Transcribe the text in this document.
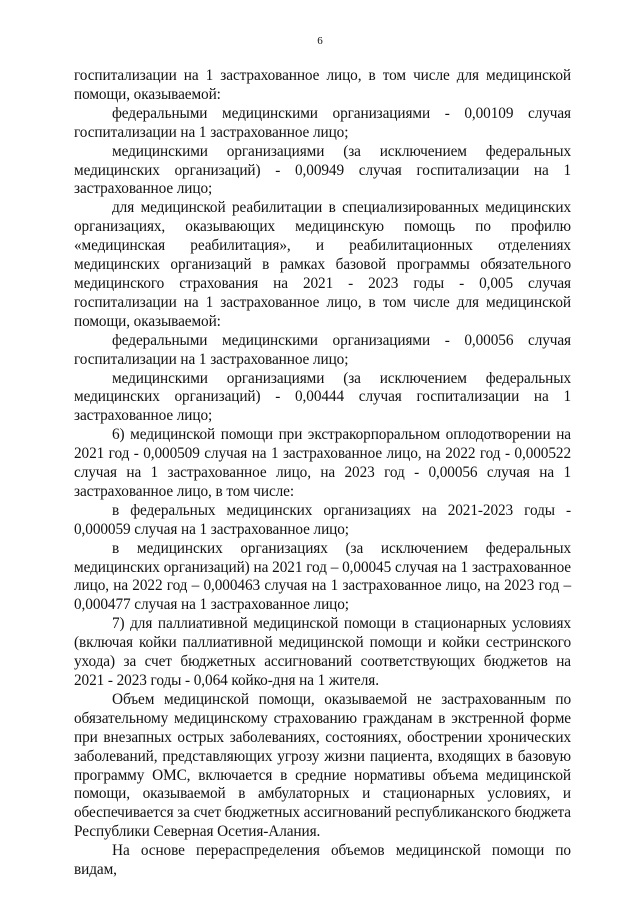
6

госпитализации на 1 застрахованное лицо, в том числе для медицинской помощи, оказываемой:

федеральными медицинскими организациями - 0,00109 случая госпитализации на 1 застрахованное лицо;

медицинскими организациями (за исключением федеральных медицинских организаций) - 0,00949 случая госпитализации на 1 застрахованное лицо;

для медицинской реабилитации в специализированных медицинских организациях, оказывающих медицинскую помощь по профилю «медицинская реабилитация», и реабилитационных отделениях медицинских организаций в рамках базовой программы обязательного медицинского страхования на 2021 - 2023 годы - 0,005 случая госпитализации на 1 застрахованное лицо, в том числе для медицинской помощи, оказываемой:

федеральными медицинскими организациями - 0,00056 случая госпитализации на 1 застрахованное лицо;

медицинскими организациями (за исключением федеральных медицинских организаций) - 0,00444 случая госпитализации на 1 застрахованное лицо;

6) медицинской помощи при экстракорпоральном оплодотворении на 2021 год - 0,000509 случая на 1 застрахованное лицо, на 2022 год - 0,000522 случая на 1 застрахованное лицо, на 2023 год - 0,00056 случая на 1 застрахованное лицо, в том числе:

в федеральных медицинских организациях на 2021-2023 годы - 0,000059 случая на 1 застрахованное лицо;

в медицинских организациях (за исключением федеральных медицинских организаций) на 2021 год – 0,00045 случая на 1 застрахованное лицо, на 2022 год – 0,000463 случая на 1 застрахованное лицо, на 2023 год – 0,000477 случая на 1 застрахованное лицо;

7) для паллиативной медицинской помощи в стационарных условиях (включая койки паллиативной медицинской помощи и койки сестринского ухода) за счет бюджетных ассигнований соответствующих бюджетов на 2021 - 2023 годы - 0,064 койко-дня на 1 жителя.

Объем медицинской помощи, оказываемой не застрахованным по обязательному медицинскому страхованию гражданам в экстренной форме при внезапных острых заболеваниях, состояниях, обострении хронических заболеваний, представляющих угрозу жизни пациента, входящих в базовую программу ОМС, включается в средние нормативы объема медицинской помощи, оказываемой в амбулаторных и стационарных условиях, и обеспечивается за счет бюджетных ассигнований республиканского бюджета Республики Северная Осетия-Алания.

На основе перераспределения объемов медицинской помощи по видам,
